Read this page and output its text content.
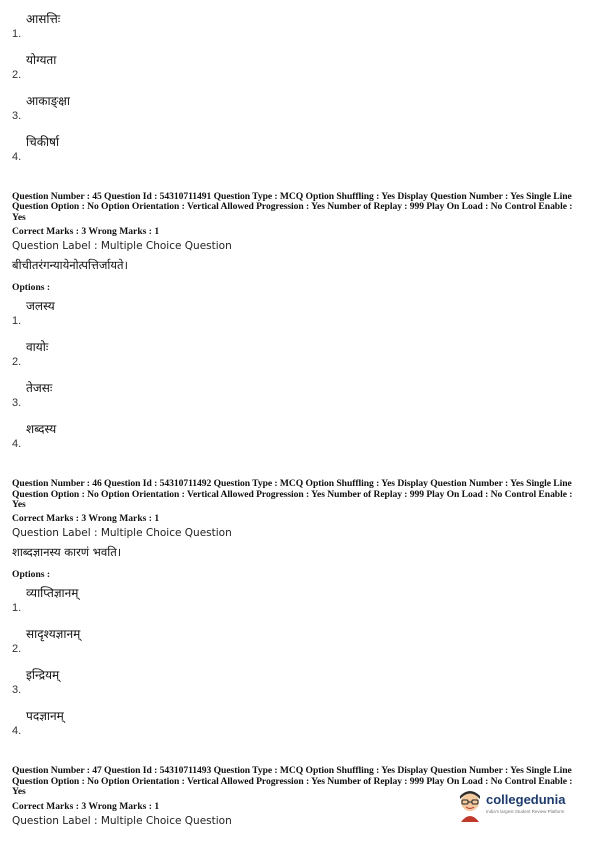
1.
आसत्तिः
2.
योग्यता
3.
आकाङ्क्षा
4.
चिकीर्षा
Question Number : 45 Question Id : 54310711491 Question Type : MCQ Option Shuffling : Yes Display Question Number : Yes Single Line Question Option : No Option Orientation : Vertical Allowed Progression : Yes Number of Replay : 999 Play On Load : No Control Enable : Yes
Correct Marks : 3 Wrong Marks : 1
Question Label : Multiple Choice Question
बीचीतरंगन्यायेनोत्पत्तिर्जायते।
Options :
1.
जलस्य
2.
वायोः
3.
तेजसः
4.
शब्दस्य
Question Number : 46 Question Id : 54310711492 Question Type : MCQ Option Shuffling : Yes Display Question Number : Yes Single Line Question Option : No Option Orientation : Vertical Allowed Progression : Yes Number of Replay : 999 Play On Load : No Control Enable : Yes
Correct Marks : 3 Wrong Marks : 1
Question Label : Multiple Choice Question
शाब्दज्ञानस्य कारणं भवति।
Options :
1.
व्याप्तिज्ञानम्
2.
सादृश्यज्ञानम्
3.
इन्द्रियम्
4.
पदज्ञानम्
Question Number : 47 Question Id : 54310711493 Question Type : MCQ Option Shuffling : Yes Display Question Number : Yes Single Line Question Option : No Option Orientation : Vertical Allowed Progression : Yes Number of Replay : 999 Play On Load : No Control Enable : Yes
Correct Marks : 3 Wrong Marks : 1
Question Label : Multiple Choice Question
collegedunia
India's largest Student Review Platform
